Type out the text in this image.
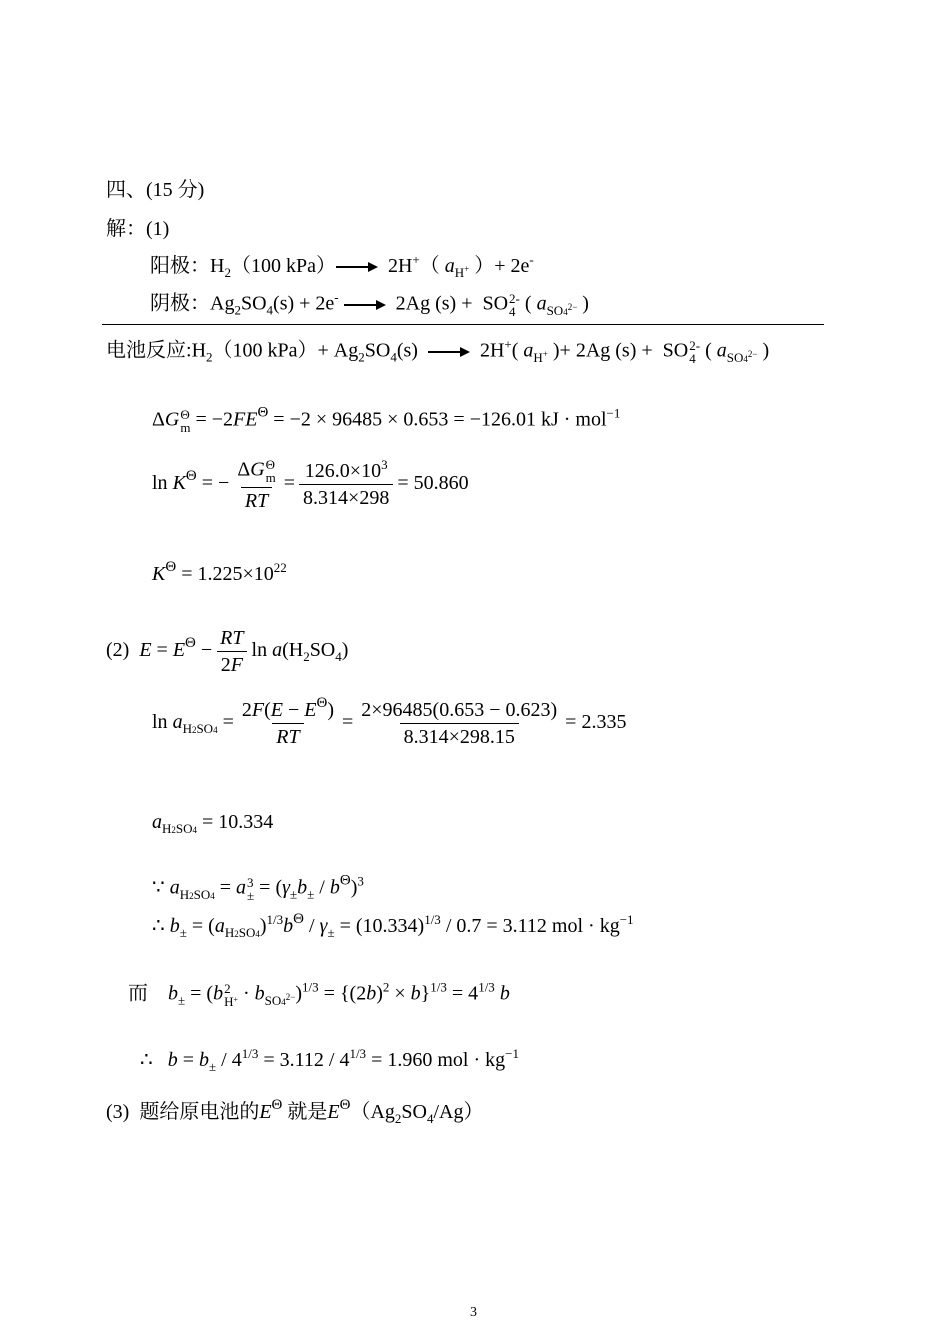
四、(15 分)
解：(1)
阳极：$H_2(100$ kPa）  2H+（ $a_{H^+}$ ）+ 2e-
阴极：$Ag_2SO_4(s) + 2e^-$   2Ag (s) +  SO 2-
4 ( $a_{SO4^{2-}}$ )
电池反应$:H_2(100$ $kPa)+ Ag_2SO_4(s)$    2H+( $a_{H^+}$ )+ 2Ag (s) +  SO 2-
4 ( $a_{SO4^{2-}}$ )
ΔG Θ
$m = -2FE^\Theta = -2 \times 96485 \times 0.653 = -126.01$ kJ · mol$^{-1}$
$\ln K^\Theta$ = − ΔG Θ
m
RT = $\frac{126.0\times 10^3}{8.314\times 298} = 50.860$
$K^\Theta = 1.225\times 10^{22}$
(2) $E = E^\Theta - \frac{RT}{2F}$ $\ln a(H_2SO_4)$
$\ln a_{H2SO4} = \frac{2F(E - E^\Theta)}{RT} = \frac{2\times 96485(0.653 - 0.623)}{8.314\times 298.15} = 2.335$
$a_{H2SO4} = 10.334$
∵ $a_{H2SO4} = a$ 3
± = $(\gamma_\pm b_\pm / b^\Theta)^3$
∴ $b_\pm = (a_{H2SO4})^{1/3}b^\Theta / \gamma_\pm = (10.334)^{1/3} / 0.7 = 3.112$ mol · $kg^{-1}$
而 $b_\pm = (b$ 2
$H^+ \cdot b_{SO4^{2-}})^{1/3} = \{(2b)^2 \times b\}^{1/3} = 4^{1/3}$ b
∴   $b = b_\pm / 4^{1/3} = 3.112 / 4^{1/3} = 1.960$ mol · $kg^{-1}$
(3) 题给原电池的$E^\Theta$ 就是$E^\Theta(Ag_2SO_4/Ag)$
3
